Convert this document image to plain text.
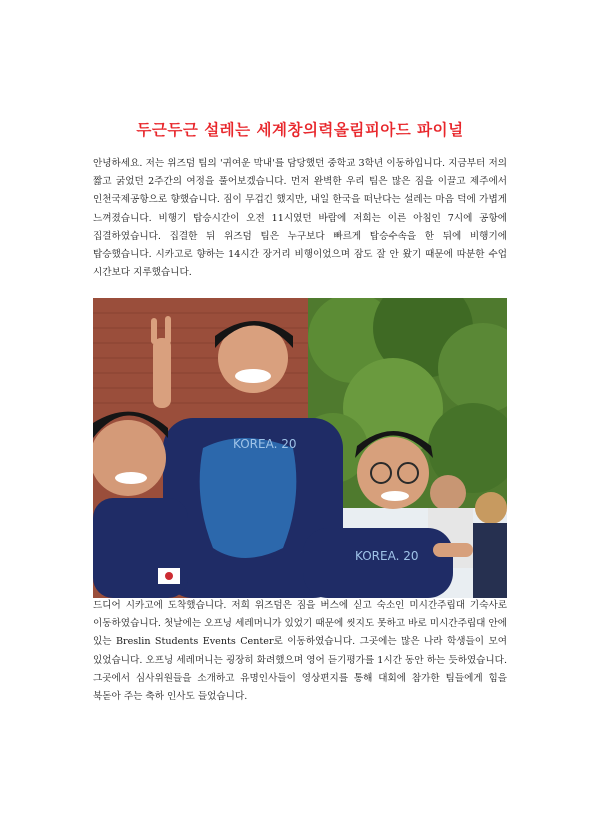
두근두근 설레는 세계창의력올림피아드 파이널

안녕하세요. 저는 위즈덤 팀의 '귀여운 막내'를 담당했던 중학교 3학년 이동하입니다. 지금부터 저의 짧고 굵었던 2주간의 여정을 풀어보겠습니다. 먼저 완벽한 우리 팀은 많은 짐을 이끌고 제주에서 인천국제공항으로 향했습니다. 짐이 무겁긴 했지만, 내일 한국을 떠난다는 설레는 마음 덕에 가볍게 느껴졌습니다. 비행기 탑승시간이 오전 11시였던 바람에 저희는 이른 아침인 7시에 공항에 집결하였습니다. 집결한 뒤 위즈덤 팀은 누구보다 빠르게 탑승수속을 한 뒤에 비행기에 탑승했습니다. 시카고로 향하는 14시간 장거리 비행이었으며 잠도 잘 안 왔기 때문에 따분한 수업 시간보다 지루했습니다.

KOREA. 20
KOREA. 20

드디어 시카고에 도착했습니다. 저희 위즈덤은 짐을 버스에 싣고 숙소인 미시간주립대 기숙사로 이동하였습니다. 첫날에는 오프닝 세레머니가 있었기 때문에 씻지도 못하고 바로 미시간주립대 안에 있는 Breslin Students Events Center로 이동하였습니다. 그곳에는 많은 나라 학생들이 모여 있었습니다. 오프닝 세레머니는 굉장히 화려했으며 영어 듣기평가를 1시간 동안 하는 듯하였습니다. 그곳에서 심사위원들을 소개하고 유명인사들이 영상편지를 통해 대회에 참가한 팀들에게 힘을 북돋아 주는 축하 인사도 들었습니다.
